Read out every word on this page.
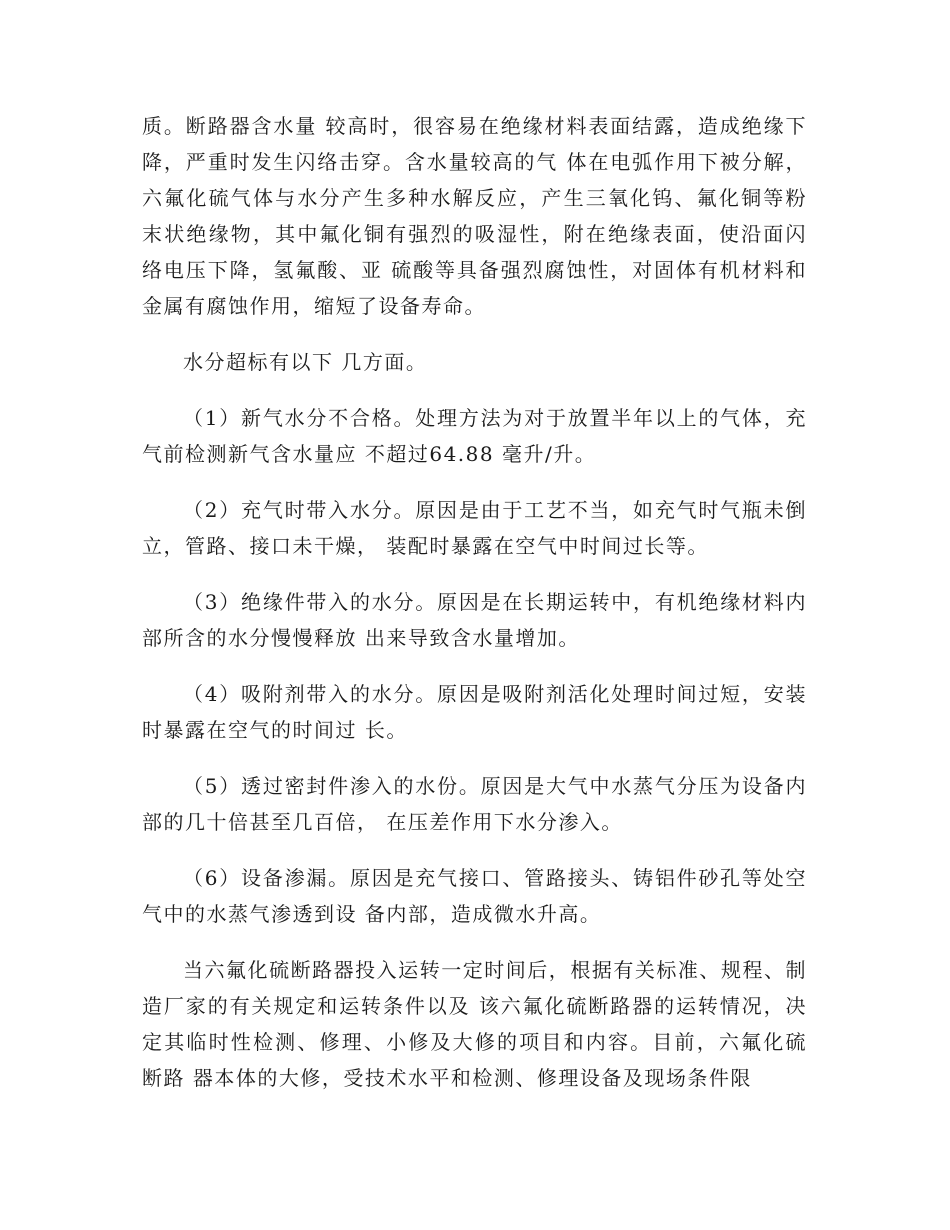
质。断路器含水量 较高时，很容易在绝缘材料表面结露，造成绝缘下降，严重时发生闪络击穿。含水量较高的气 体在电弧作用下被分解，六氟化硫气体与水分产生多种水解反应，产生三氧化钨、氟化铜等粉末状绝缘物，其中氟化铜有强烈的吸湿性，附在绝缘表面，使沿面闪络电压下降，氢氟酸、亚 硫酸等具备强烈腐蚀性，对固体有机材料和金属有腐蚀作用，缩短了设备寿命。

水分超标有以下 几方面。

（1）新气水分不合格。处理方法为对于放置半年以上的气体，充气前检测新气含水量应 不超过64.88 毫升/升。

（2）充气时带入水分。原因是由于工艺不当，如充气时气瓶未倒立，管路、接口未干燥， 装配时暴露在空气中时间过长等。

（3）绝缘件带入的水分。原因是在长期运转中，有机绝缘材料内部所含的水分慢慢释放 出来导致含水量增加。

（4）吸附剂带入的水分。原因是吸附剂活化处理时间过短，安装时暴露在空气的时间过 长。

（5）透过密封件渗入的水份。原因是大气中水蒸气分压为设备内部的几十倍甚至几百倍， 在压差作用下水分渗入。

（6）设备渗漏。原因是充气接口、管路接头、铸铝件砂孔等处空气中的水蒸气渗透到设 备内部，造成微水升高。

当六氟化硫断路器投入运转一定时间后，根据有关标准、规程、制造厂家的有关规定和运转条件以及 该六氟化硫断路器的运转情况，决定其临时性检测、修理、小修及大修的项目和内容。目前，六氟化硫断路 器本体的大修，受技术水平和检测、修理设备及现场条件限
